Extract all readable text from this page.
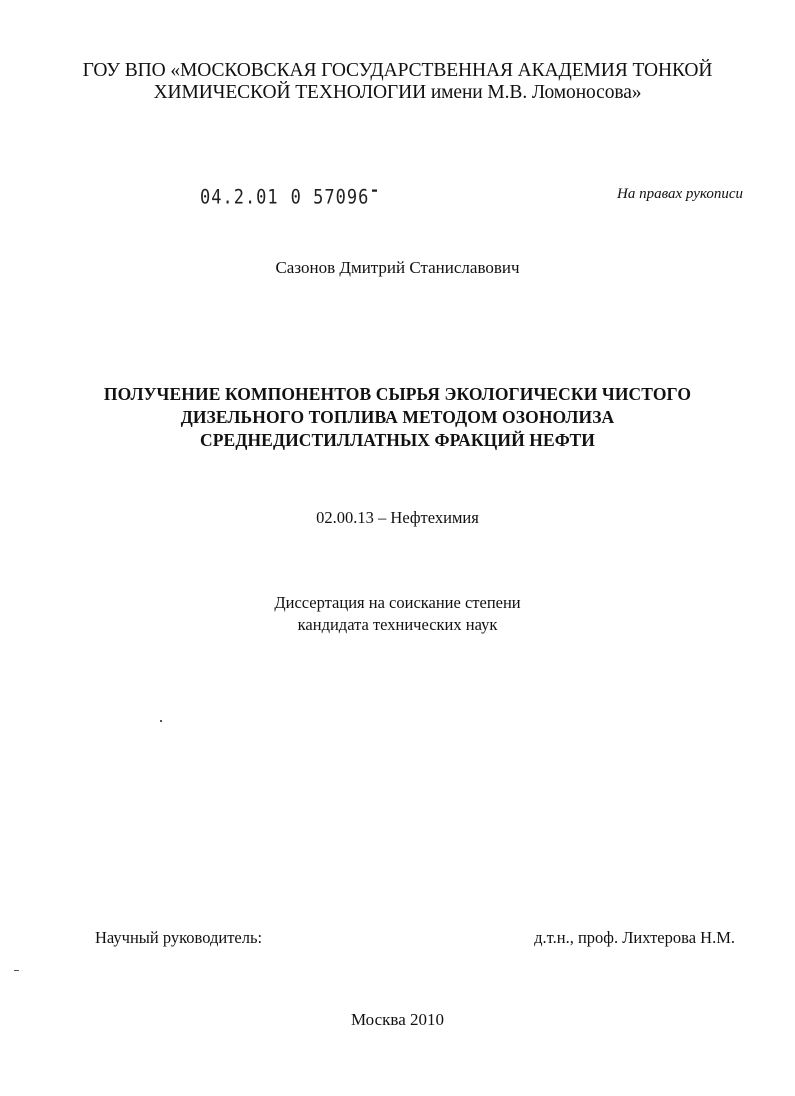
ГОУ ВПО «МОСКОВСКАЯ ГОСУДАРСТВЕННАЯ АКАДЕМИЯ ТОНКОЙ
ХИМИЧЕСКОЙ ТЕХНОЛОГИИ имени М.В. Ломоносова»
04.2.01 0 57096	На правах рукописи
Сазонов Дмитрий Станиславович
ПОЛУЧЕНИЕ КОМПОНЕНТОВ СЫРЬЯ ЭКОЛОГИЧЕСКИ ЧИСТОГО
ДИЗЕЛЬНОГО ТОПЛИВА МЕТОДОМ ОЗОНОЛИЗА
СРЕДНЕДИСТИЛЛАТНЫХ ФРАКЦИЙ НЕФТИ
02.00.13 – Нефтехимия
Диссертация на соискание степени
кандидата технических наук
Научный руководитель:	д.т.н., проф. Лихтерова Н.М.
Москва 2010
